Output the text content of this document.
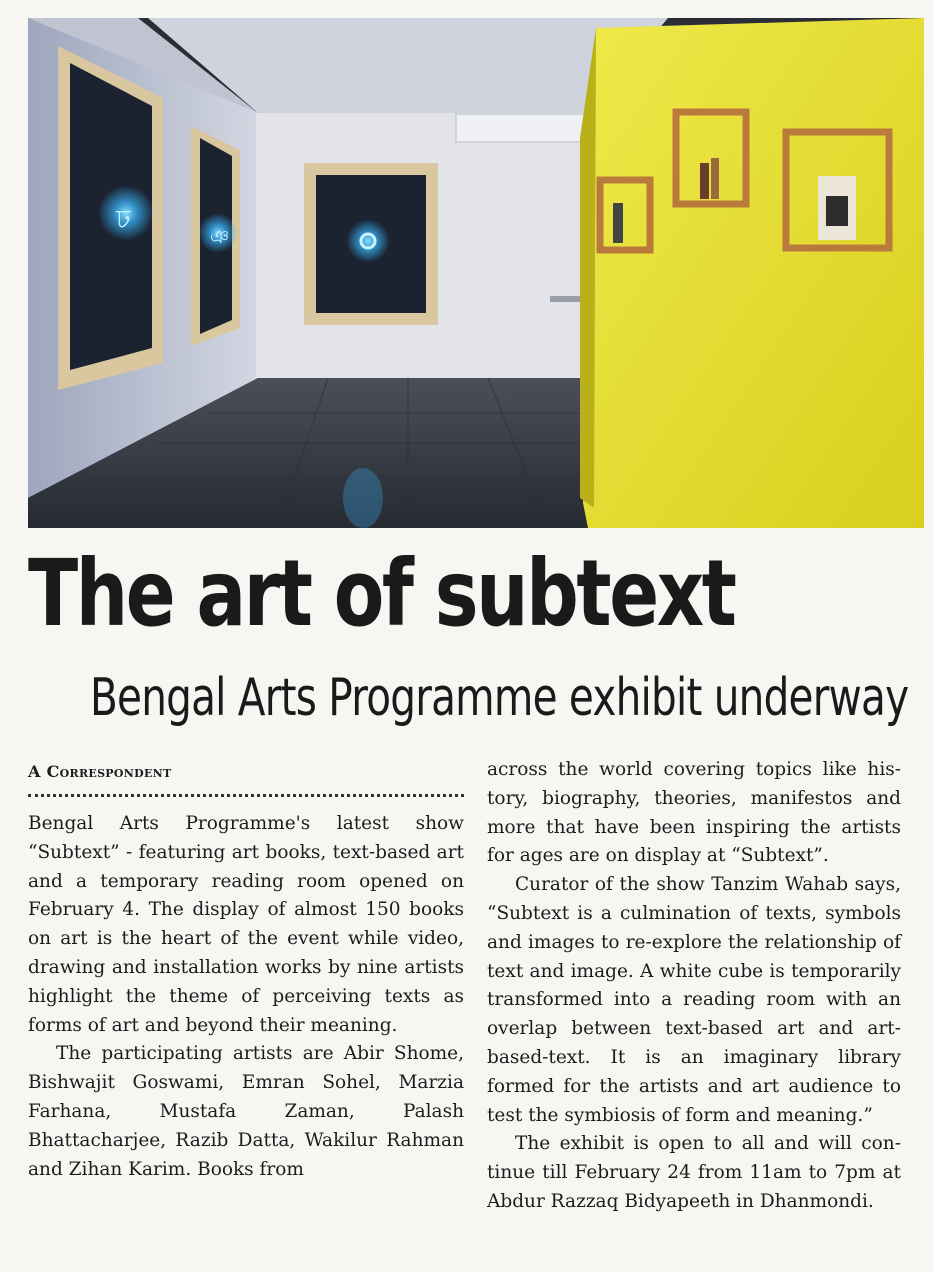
ঢ
ঞ
The art of subtext
Bengal Arts Programme exhibit underway

A Correspondent

Bengal Arts Programme's latest show “Subtext” - featuring art books, text-based art and a temporary reading room opened on February 4. The display of almost 150 books on art is the heart of the event while video, drawing and installation works by nine artists highlight the theme of perceiving texts as forms of art and beyond their meaning.

The participating artists are Abir Shome, Bishwajit Goswami, Emran Sohel, Marzia Farhana, Mustafa Zaman, Palash Bhattacharjee, Razib Datta, Wakilur Rahman and Zihan Karim. Books from

across the world covering topics like history, biography, theories, manifestos and more that have been inspiring the artists for ages are on display at “Subtext”.

Curator of the show Tanzim Wahab says, “Subtext is a culmination of texts, symbols and images to re-explore the relationship of text and image. A white cube is temporarily transformed into a reading room with an overlap between text-based art and art-based-text. It is an imaginary library formed for the artists and art audience to test the symbiosis of form and meaning.”

The exhibit is open to all and will continue till February 24 from 11am to 7pm at Abdur Razzaq Bidyapeeth in Dhanmondi.
